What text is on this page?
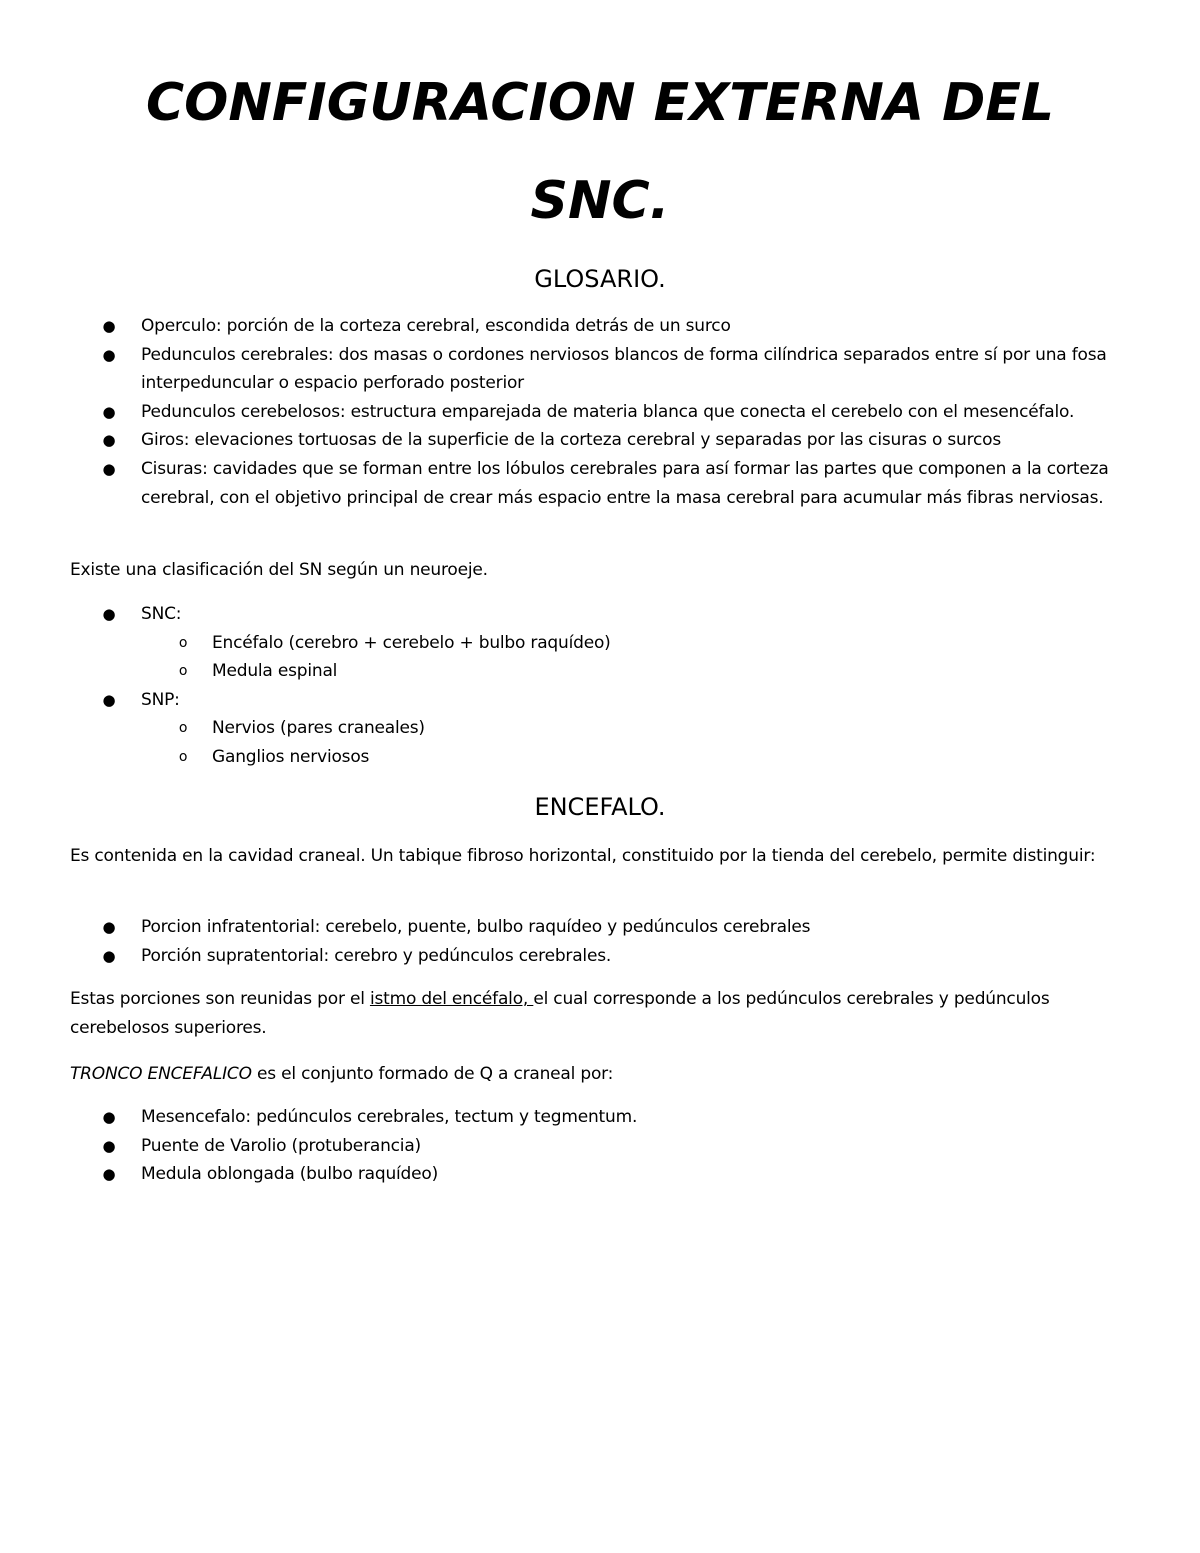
CONFIGURACION EXTERNA DEL
SNC.
GLOSARIO.
● Operculo: porción de la corteza cerebral, escondida detrás de un surco
● Pedunculos cerebrales: dos masas o cordones nerviosos blancos de forma cilíndrica separados entre sí por una fosa interpeduncular o espacio perforado posterior
● Pedunculos cerebelosos: estructura emparejada de materia blanca que conecta el cerebelo con el mesencéfalo.
● Giros: elevaciones tortuosas de la superficie de la corteza cerebral y separadas por las cisuras o surcos
● Cisuras: cavidades que se forman entre los lóbulos cerebrales para así formar las partes que componen a la corteza cerebral, con el objetivo principal de crear más espacio entre la masa cerebral para acumular más fibras nerviosas.

Existe una clasificación del SN según un neuroeje.

● SNC:
o Encéfalo (cerebro + cerebelo + bulbo raquídeo)
o Medula espinal
● SNP:
o Nervios (pares craneales)
o Ganglios nerviosos
ENCEFALO.

Es contenida en la cavidad craneal. Un tabique fibroso horizontal, constituido por la tienda del cerebelo, permite distinguir:

● Porcion infratentorial: cerebelo, puente, bulbo raquídeo y pedúnculos cerebrales
● Porción supratentorial: cerebro y pedúnculos cerebrales.

Estas porciones son reunidas por el istmo del encéfalo, el cual corresponde a los pedúnculos cerebrales y pedúnculos cerebelosos superiores.

TRONCO ENCEFALICO es el conjunto formado de Q a craneal por:

● Mesencefalo: pedúnculos cerebrales, tectum y tegmentum.
● Puente de Varolio (protuberancia)
● Medula oblongada (bulbo raquídeo)
